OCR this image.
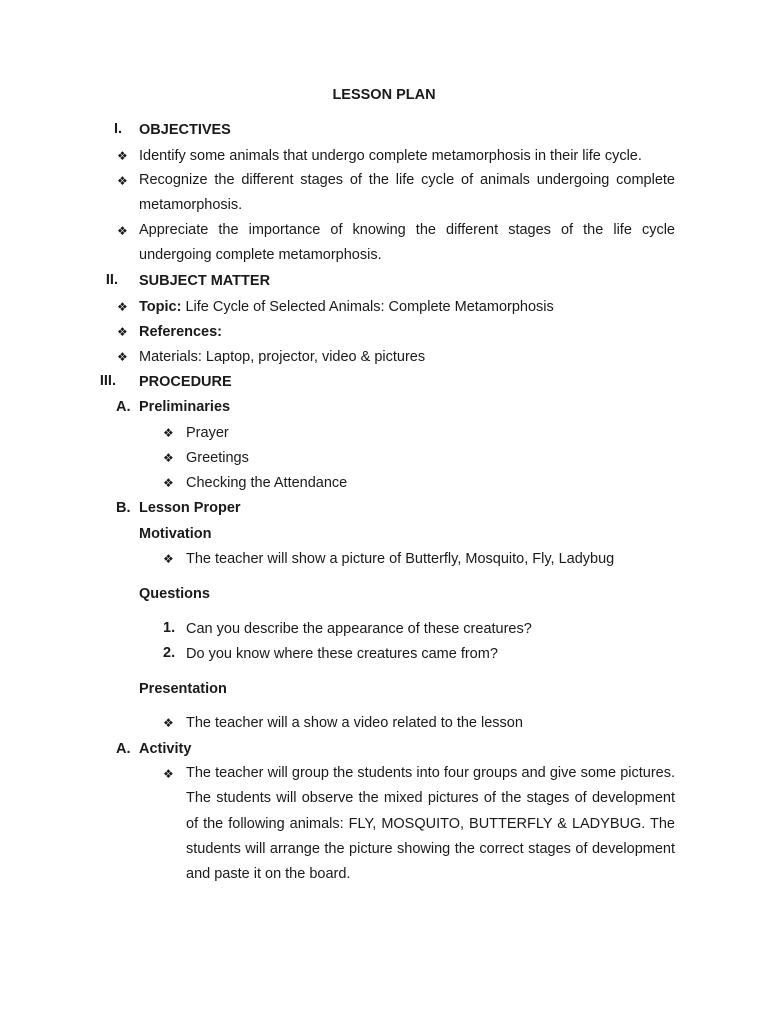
LESSON PLAN
I. OBJECTIVES
❖ Identify some animals that undergo complete metamorphosis in their life cycle.
❖ Recognize the different stages of the life cycle of animals undergoing complete metamorphosis.
❖ Appreciate the importance of knowing the different stages of the life cycle undergoing complete metamorphosis.
II. SUBJECT MATTER
❖ Topic: Life Cycle of Selected Animals: Complete Metamorphosis
❖ References:
❖ Materials: Laptop, projector, video & pictures
III. PROCEDURE
A. Preliminaries
❖ Prayer
❖ Greetings
❖ Checking the Attendance
B. Lesson Proper
Motivation
❖ The teacher will show a picture of Butterfly, Mosquito, Fly, Ladybug
Questions
1. Can you describe the appearance of these creatures?
2. Do you know where these creatures came from?
Presentation
❖ The teacher will a show a video related to the lesson
A. Activity
❖ The teacher will group the students into four groups and give some pictures. The students will observe the mixed pictures of the stages of development of the following animals: FLY, MOSQUITO, BUTTERFLY & LADYBUG. The students will arrange the picture showing the correct stages of development and paste it on the board.
